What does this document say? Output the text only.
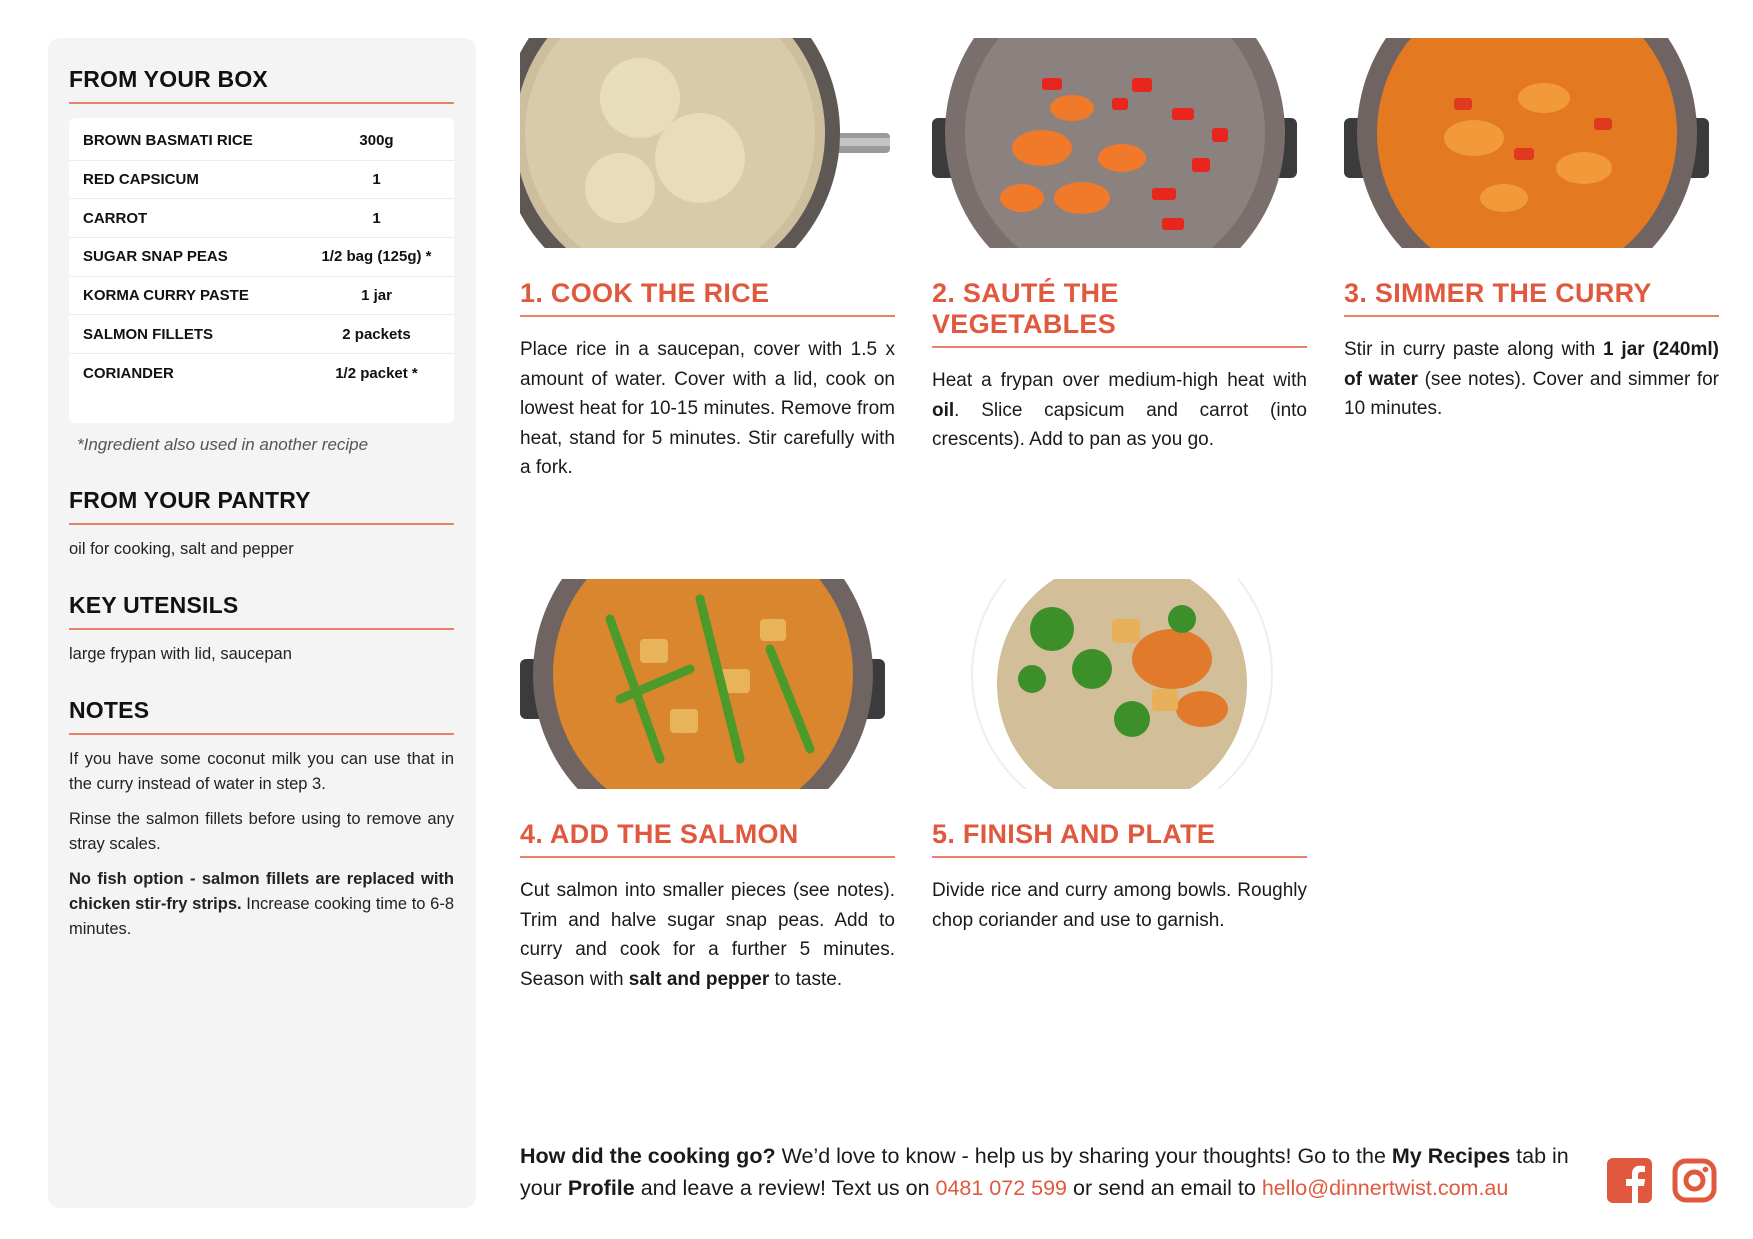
FROM YOUR BOX
BROWN BASMATI RICE	300g
RED CAPSICUM	1
CARROT	1
SUGAR SNAP PEAS	1/2 bag (125g) *
KORMA CURRY PASTE	1 jar
SALMON FILLETS	2 packets
CORIANDER	1/2 packet *

*Ingredient also used in another recipe

FROM YOUR PANTRY

oil for cooking, salt and pepper

KEY UTENSILS

large frypan with lid, saucepan

NOTES

If you have some coconut milk you can use that in the curry instead of water in step 3.

Rinse the salmon fillets before using to remove any stray scales.

No fish option - salmon fillets are replaced with chicken stir-fry strips. Increase cooking time to 6-8 minutes.

1. COOK THE RICE

Place rice in a saucepan, cover with 1.5 x amount of water. Cover with a lid, cook on lowest heat for 10-15 minutes. Remove from heat, stand for 5 minutes. Stir carefully with a fork.

2. SAUTÉ THE VEGETABLES

Heat a frypan over medium-high heat with oil. Slice capsicum and carrot (into crescents). Add to pan as you go.

3. SIMMER THE CURRY

Stir in curry paste along with 1 jar (240ml) of water (see notes). Cover and simmer for 10 minutes.

4. ADD THE SALMON

Cut salmon into smaller pieces (see notes). Trim and halve sugar snap peas. Add to curry and cook for a further 5 minutes. Season with salt and pepper to taste.

5. FINISH AND PLATE

Divide rice and curry among bowls. Roughly chop coriander and use to garnish.

How did the cooking go? We’d love to know - help us by sharing your thoughts! Go to the My Recipes tab in your Profile and leave a review! Text us on 0481 072 599 or send an email to hello@dinnertwist.com.au
